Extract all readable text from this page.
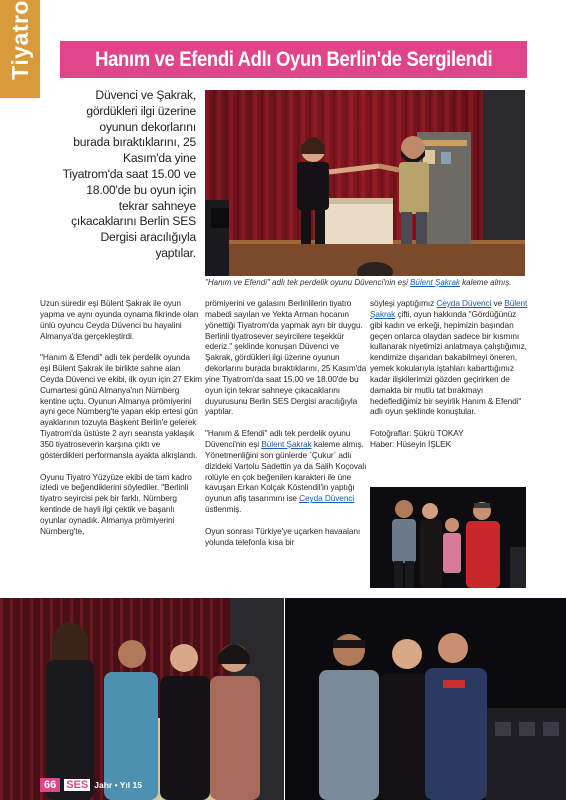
Tiyatro	Hanım ve Efendi Adlı Oyun Berlin'de Sergilendi
Düvenci ve Şakrak, gördükleri ilgi üzerine oyunun dekorlarını burada bıraktıklarını, 25 Kasım'da yine Tiyatrom'da saat 15.00 ve 18.00'de bu oyun için tekrar sahneye çıkacaklarını Berlin SES Dergisi aracılığıyla yaptılar.
"Hanım ve Efendi" adlı tek perdelik oyunu Düvenci'nin eşi Bülent Şakrak kaleme almış.

Uzun süredir eşi Bülent Şakrak ile oyun yapma ve aynı oyunda oynama fikrinde olan ünlü oyuncu Ceyda Düvenci bu hayalini Almanya'da gerçekleştirdi.

"Hanım & Efendi" adlı tek perdelik oyunda eşi Bülent Şakrak ile birlikte sahne alan Ceyda Düvenci ve ekibi, ilk oyun için 27 Ekim Cumartesi günü Almanya'nın Nürnberg kentine uçtu. Oyunun Almanya prömiyerini ayni gece Nürnberg'te yapan ekip ertesi gün ayaklarının tozuyla Başkent Berlin'e gelerek Tiyatrom'da üstüste 2 ayrı seansta yaklaşık 350 tiyatroseverin karşına çıktı ve gösterdikleri performansla ayakta alkışlandı.

Oyunu Tiyatro Yüzyüze ekibi de tam kadro izledi ve beğendiklerini söylediler. "Berlinli tiyatro seyircisi pek bir farklı. Nürnberg kentinde de hayli ilgi çektik ve başarılı oyunlar oynadık. Almanya prömiyerini Nürnberg'te,

prömiyerini ve galasını Berlinlilerin tiyatro mabedi sayılan ve Yekta Arman hocanın yönettiği Tiyatrom'da yapmak ayrı bir duygu. Berlinli tiyatrosever seyircilere teşekkür ederiz." şeklinde konuşan Düvenci ve Şakrak, gördükleri ilgi üzerine oyunun dekorlarını burada bıraktıklarını, 25 Kasım'da yine Tiyatrom'da saat 15.00 ve 18.00'de bu oyun için tekrar sahneye çıkacaklarını duyurusunu Berlin SES Dergisi aracılığıyla yaptılar.

"Hanım & Efendi" adlı tek perdelik oyunu Düvenci'nin eşi Bülent Şakrak kaleme almış. Yönetmenliğini son günlerde `Çukur` adlı dizideki Vartolu Sadettin ya da Salih Koçovalı rolüyle en çok beğenilen karakteri ile üne kavuşan Erkan Kolçak Köstendil'in yaptığı oyunun afiş tasarımını ise Ceyda Düvenci üstlenmiş.

Oyun sonrası Türkiye'ye uçarken havaalanı yolunda telefonla kısa bir

söyleşi yaptığımız Ceyda Düvenci ve Bülent Şakrak çifti, oyun hakkında "Gördüğünüz gibi kadın ve erkeği, hepimizin başından geçen onlarca olaydan sadece bir kısmını kullanarak niyetimizi anlatmaya çalıştığımız, kendimize dışarıdan bakabilmeyi öneren, yemek kokularıyla iştahları kabarttığımız kadar ilişkilerimizi gözden geçirirken de damakta bir mutlu tat bırakmayı hedeflediğimiz bir seyirlik Hanım & Efendi" adlı oyun şeklinde konuştular.

Fotoğraflar: Şükrü TOKAY
Haber: Hüseyin İŞLEK
66 SES Jahr • Yıl 15
